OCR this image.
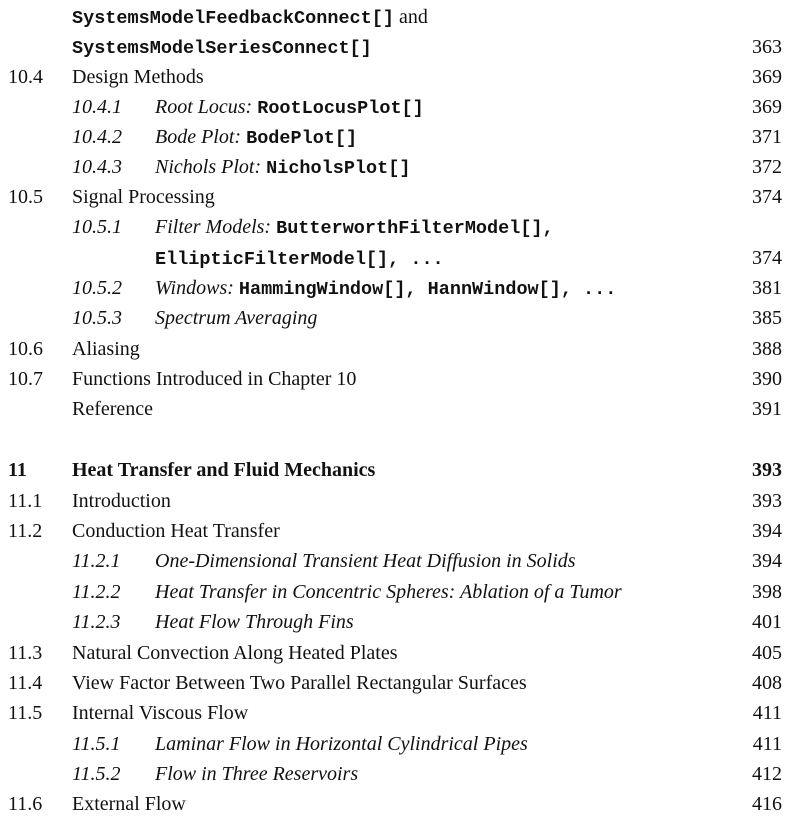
SystemsModelFeedbackConnect[] and
SystemsModelSeriesConnect[]	363
10.4 Design Methods	369
10.4.1 Root Locus: RootLocusPlot[]	369
10.4.2 Bode Plot: BodePlot[]	371
10.4.3 Nichols Plot: NicholsPlot[]	372
10.5 Signal Processing	374
10.5.1 Filter Models: ButterworthFilterModel[],
EllipticFilterModel[], ...	374
10.5.2 Windows: HammingWindow[], HannWindow[], ...	381
10.5.3 Spectrum Averaging	385
10.6 Aliasing	388
10.7 Functions Introduced in Chapter 10	390
Reference	391
11 Heat Transfer and Fluid Mechanics	393
11.1 Introduction	393
11.2 Conduction Heat Transfer	394
11.2.1 One-Dimensional Transient Heat Diffusion in Solids	394
11.2.2 Heat Transfer in Concentric Spheres: Ablation of a Tumor	398
11.2.3 Heat Flow Through Fins	401
11.3 Natural Convection Along Heated Plates	405
11.4 View Factor Between Two Parallel Rectangular Surfaces	408
11.5 Internal Viscous Flow	411
11.5.1 Laminar Flow in Horizontal Cylindrical Pipes	411
11.5.2 Flow in Three Reservoirs	412
11.6 External Flow	416
